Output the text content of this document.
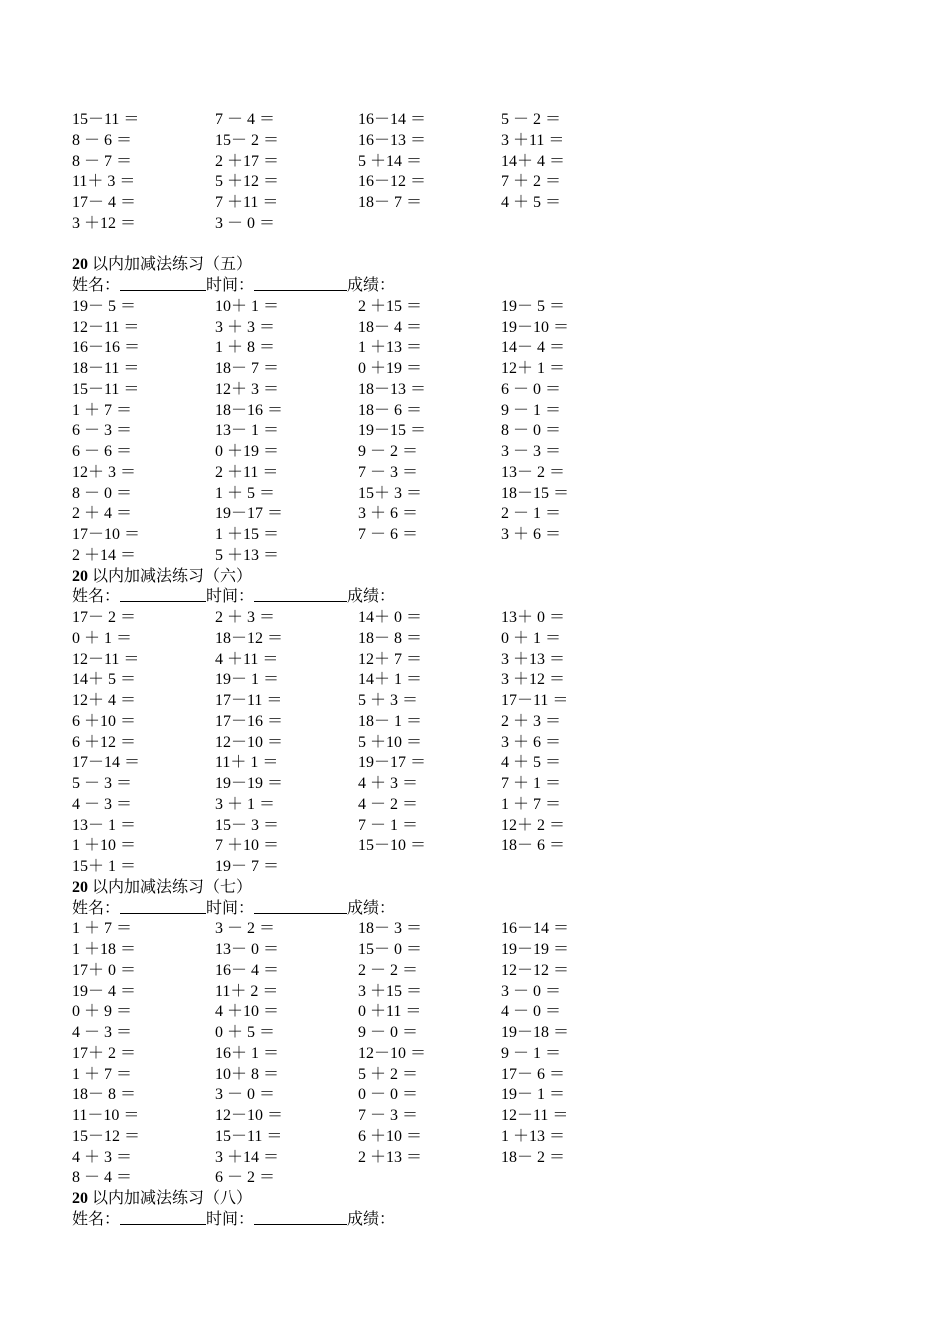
15－11 ＝	7 － 4 ＝	16－14 ＝	5 － 2 ＝
8 － 6 ＝	15－ 2 ＝	16－13 ＝	3 ＋11 ＝
8 － 7 ＝	2 ＋17 ＝	5 ＋14 ＝	14＋ 4 ＝
11＋ 3 ＝	5 ＋12 ＝	16－12 ＝	7 ＋ 2 ＝
17－ 4 ＝	7 ＋11 ＝	18－ 7 ＝	4 ＋ 5 ＝
3 ＋12 ＝	3 － 0 ＝
20 以内加减法练习（五）
姓名：	时间：	成绩：
19－ 5 ＝	10＋ 1 ＝	2 ＋15 ＝	19－ 5 ＝
12－11 ＝	3 ＋ 3 ＝	18－ 4 ＝	19－10 ＝
16－16 ＝	1 ＋ 8 ＝	1 ＋13 ＝	14－ 4 ＝
18－11 ＝	18－ 7 ＝	0 ＋19 ＝	12＋ 1 ＝
15－11 ＝	12＋ 3 ＝	18－13 ＝	6 － 0 ＝
1 ＋ 7 ＝	18－16 ＝	18－ 6 ＝	9 － 1 ＝
6 － 3 ＝	13－ 1 ＝	19－15 ＝	8 － 0 ＝
6 － 6 ＝	0 ＋19 ＝	9 － 2 ＝	3 － 3 ＝
12＋ 3 ＝	2 ＋11 ＝	7 － 3 ＝	13－ 2 ＝
8 － 0 ＝	1 ＋ 5 ＝	15＋ 3 ＝	18－15 ＝
2 ＋ 4 ＝	19－17 ＝	3 ＋ 6 ＝	2 － 1 ＝
17－10 ＝	1 ＋15 ＝	7 － 6 ＝	3 ＋ 6 ＝
2 ＋14 ＝	5 ＋13 ＝
20 以内加减法练习（六）
姓名：	时间：	成绩：
17－ 2 ＝	2 ＋ 3 ＝	14＋ 0 ＝	13＋ 0 ＝
0 ＋ 1 ＝	18－12 ＝	18－ 8 ＝	0 ＋ 1 ＝
12－11 ＝	4 ＋11 ＝	12＋ 7 ＝	3 ＋13 ＝
14＋ 5 ＝	19－ 1 ＝	14＋ 1 ＝	3 ＋12 ＝
12＋ 4 ＝	17－11 ＝	5 ＋ 3 ＝	17－11 ＝
6 ＋10 ＝	17－16 ＝	18－ 1 ＝	2 ＋ 3 ＝
6 ＋12 ＝	12－10 ＝	5 ＋10 ＝	3 ＋ 6 ＝
17－14 ＝	11＋ 1 ＝	19－17 ＝	4 ＋ 5 ＝
5 － 3 ＝	19－19 ＝	4 ＋ 3 ＝	7 ＋ 1 ＝
4 － 3 ＝	3 ＋ 1 ＝	4 － 2 ＝	1 ＋ 7 ＝
13－ 1 ＝	15－ 3 ＝	7 － 1 ＝	12＋ 2 ＝
1 ＋10 ＝	7 ＋10 ＝	15－10 ＝	18－ 6 ＝
15＋ 1 ＝	19－ 7 ＝
20 以内加减法练习（七）
姓名：	时间：	成绩：
1 ＋ 7 ＝	3 － 2 ＝	18－ 3 ＝	16－14 ＝
1 ＋18 ＝	13－ 0 ＝	15－ 0 ＝	19－19 ＝
17＋ 0 ＝	16－ 4 ＝	2 － 2 ＝	12－12 ＝
19－ 4 ＝	11＋ 2 ＝	3 ＋15 ＝	3 － 0 ＝
0 ＋ 9 ＝	4 ＋10 ＝	0 ＋11 ＝	4 － 0 ＝
4 － 3 ＝	0 ＋ 5 ＝	9 － 0 ＝	19－18 ＝
17＋ 2 ＝	16＋ 1 ＝	12－10 ＝	9 － 1 ＝
1 ＋ 7 ＝	10＋ 8 ＝	5 ＋ 2 ＝	17－ 6 ＝
18－ 8 ＝	3 － 0 ＝	0 － 0 ＝	19－ 1 ＝
11－10 ＝	12－10 ＝	7 － 3 ＝	12－11 ＝
15－12 ＝	15－11 ＝	6 ＋10 ＝	1 ＋13 ＝
4 ＋ 3 ＝	3 ＋14 ＝	2 ＋13 ＝	18－ 2 ＝
8 － 4 ＝	6 － 2 ＝
20 以内加减法练习（八）
姓名：	时间：	成绩：
